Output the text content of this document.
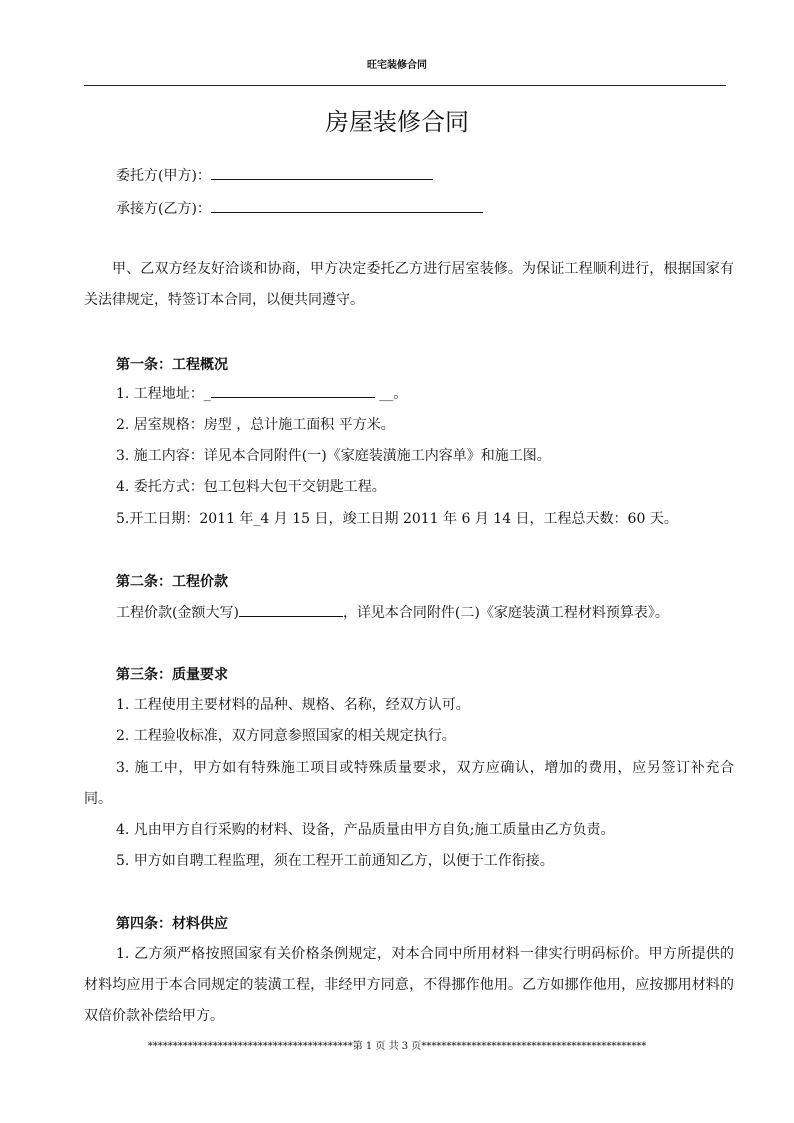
旺宅装修合同
房屋装修合同
委托方(甲方)：
承接方(乙方)：
甲、乙双方经友好洽谈和协商，甲方决定委托乙方进行居室装修。为保证工程顺利进行，根据国家有关法律规定，特签订本合同，以便共同遵守。
第一条：工程概况
1. 工程地址：_	__。
2. 居室规格：房型 ，总计施工面积 平方米。
3. 施工内容：详见本合同附件(一)《家庭装潢施工内容单》和施工图。
4. 委托方式：包工包料大包干交钥匙工程。
5.开工日期：2011 年_4 月 15 日，竣工日期 2011 年 6 月 14 日，工程总天数：60 天。
第二条：工程价款
工程价款(金额大写)	，详见本合同附件(二)《家庭装潢工程材料预算表》。
第三条：质量要求
1. 工程使用主要材料的品种、规格、名称，经双方认可。
2. 工程验收标准，双方同意参照国家的相关规定执行。
3. 施工中，甲方如有特殊施工项目或特殊质量要求，双方应确认，增加的费用，应另签订补充合同。
4. 凡由甲方自行采购的材料、设备，产品质量由甲方自负;施工质量由乙方负责。
5. 甲方如自聘工程监理，须在工程开工前通知乙方，以便于工作衔接。
第四条：材料供应
1. 乙方须严格按照国家有关价格条例规定，对本合同中所用材料一律实行明码标价。甲方所提供的材料均应用于本合同规定的装潢工程，非经甲方同意，不得挪作他用。乙方如挪作他用，应按挪用材料的双倍价款补偿给甲方。
*****************************************第 1 页 共 3 页*********************************************
